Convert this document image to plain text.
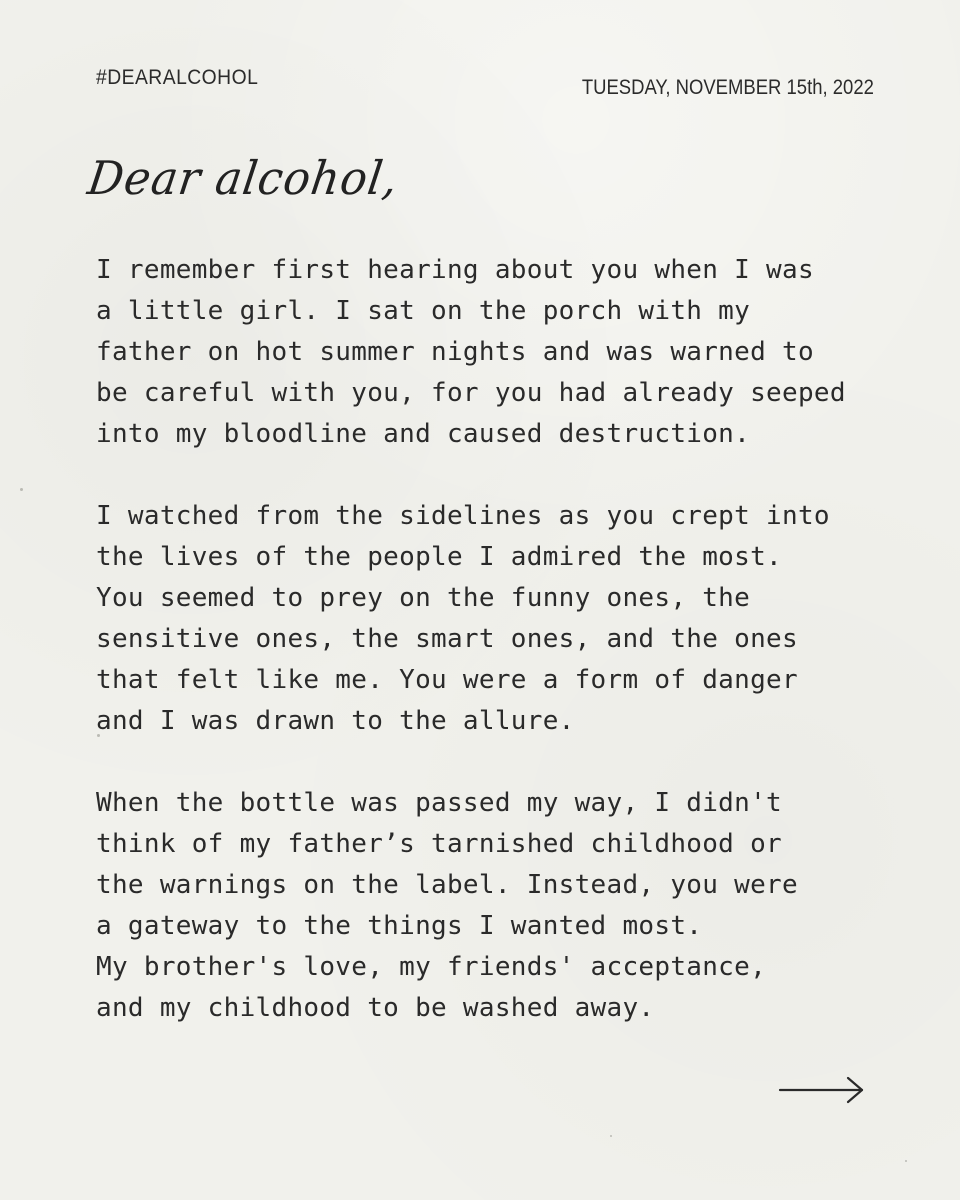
#DEARALCOHOL	TUESDAY, NOVEMBER 15th, 2022
Dear alcohol,
I remember first hearing about you when I was
a little girl. I sat on the porch with my
father on hot summer nights and was warned to
be careful with you, for you had already seeped
into my bloodline and caused destruction.
I watched from the sidelines as you crept into
the lives of the people I admired the most.
You seemed to prey on the funny ones, the
sensitive ones, the smart ones, and the ones
that felt like me. You were a form of danger
and I was drawn to the allure.
When the bottle was passed my way, I didn't
think of my father’s tarnished childhood or
the warnings on the label. Instead, you were
a gateway to the things I wanted most.
My brother's love, my friends' acceptance,
and my childhood to be washed away.
